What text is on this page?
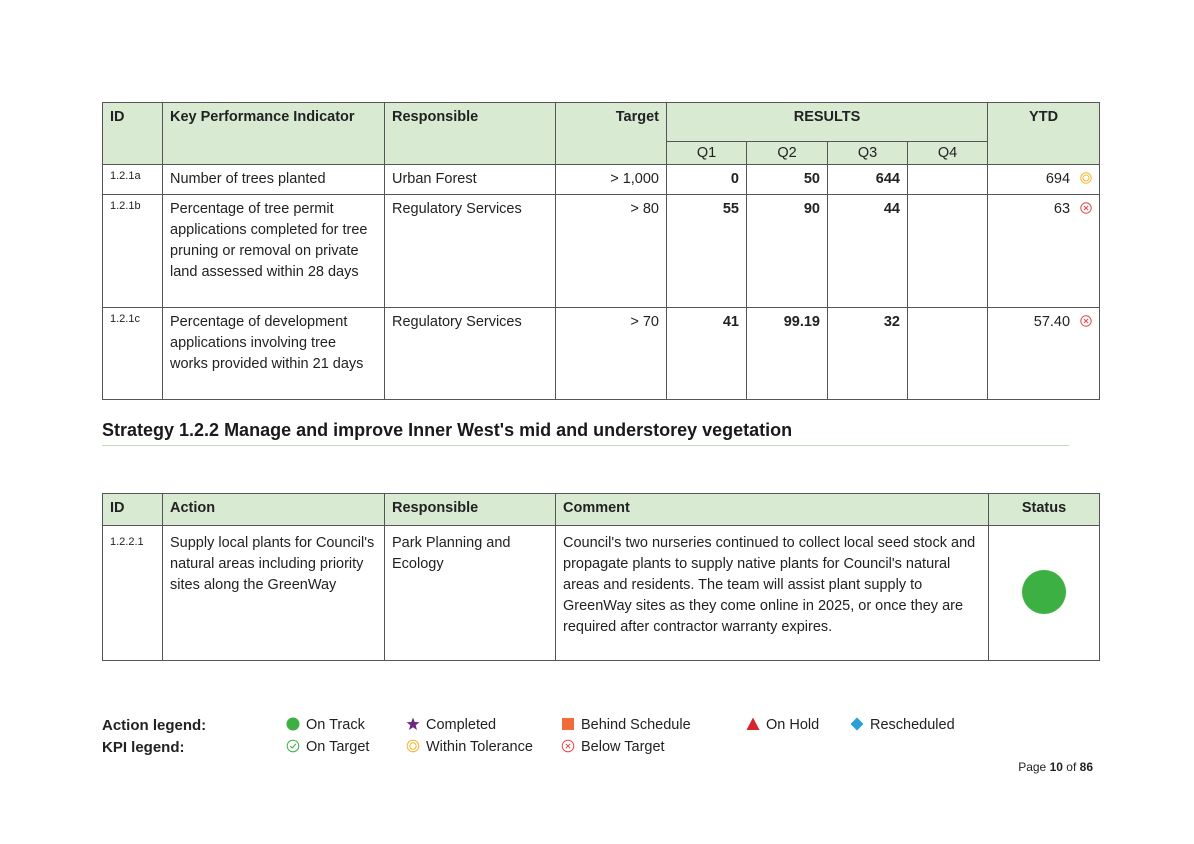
ID	Key Performance Indicator	Responsible	Target	RESULTS				YTD
				Q1	Q2	Q3	Q4	
1.2.1a	Number of trees planted	Urban Forest	> 1,000	0	50	644		694
1.2.1b	Percentage of tree permit applications completed for tree pruning or removal on private land assessed within 28 days	Regulatory Services	> 80	55	90	44		63
1.2.1c	Percentage of development applications involving tree works provided within 21 days	Regulatory Services	> 70	41	99.19	32		57.40
Strategy 1.2.2 Manage and improve Inner West's mid and understorey vegetation
ID	Action	Responsible	Comment	Status
1.2.2.1	Supply local plants for Council's natural areas including priority sites along the GreenWay	Park Planning and Ecology	Council's two nurseries continued to collect local seed stock and propagate plants to supply native plants for Council's natural areas and residents. The team will assist plant supply to GreenWay sites as they come online in 2025, or once they are required after contractor warranty expires.	
Action legend:
KPI legend:
On Track	Completed	Behind Schedule	On Hold	Rescheduled
On Target	Within Tolerance	Below Target
Page 10 of 86
